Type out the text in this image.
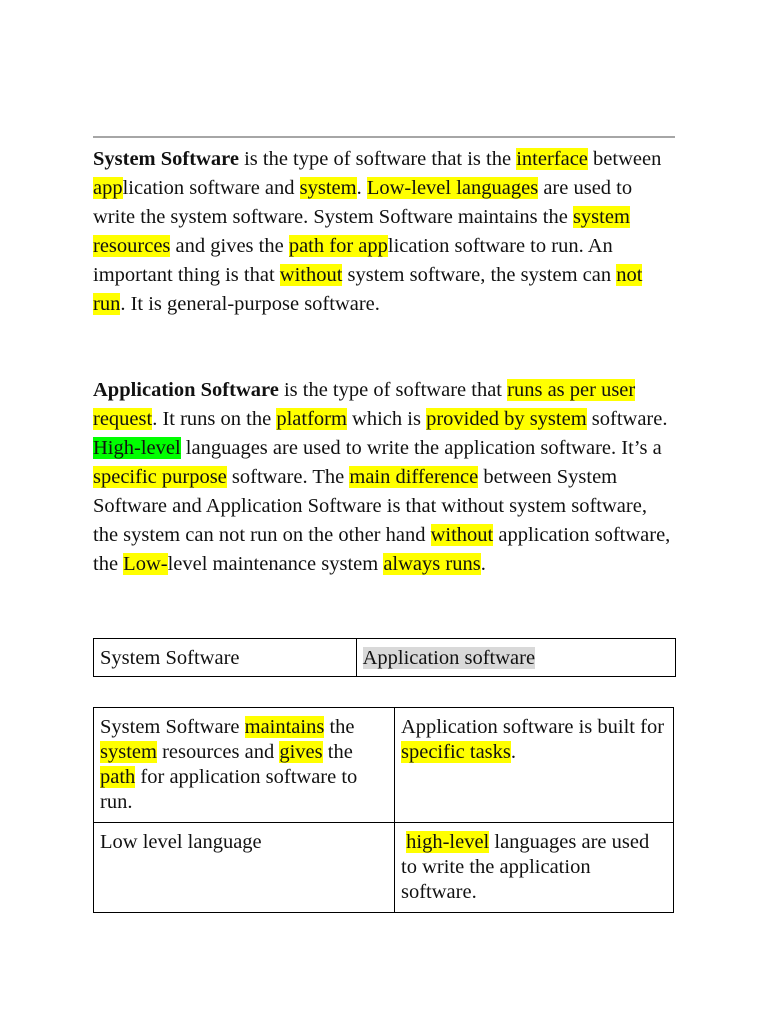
System Software is the type of software that is the interface between application software and system. Low-level languages are used to write the system software. System Software maintains the system resources and gives the path for application software to run. An important thing is that without system software, the system can not run. It is general-purpose software.

Application Software is the type of software that runs as per user request. It runs on the platform which is provided by system software. High-level languages are used to write the application software. It’s a specific purpose software. The main difference between System Software and Application Software is that without system software, the system can not run on the other hand without application software, the Low-level maintenance system always runs.

System Software	Application software
System Software maintains the system resources and gives the path for application software to run.	Application software is built for specific tasks.
Low level language	high-level languages are used to write the application software.
